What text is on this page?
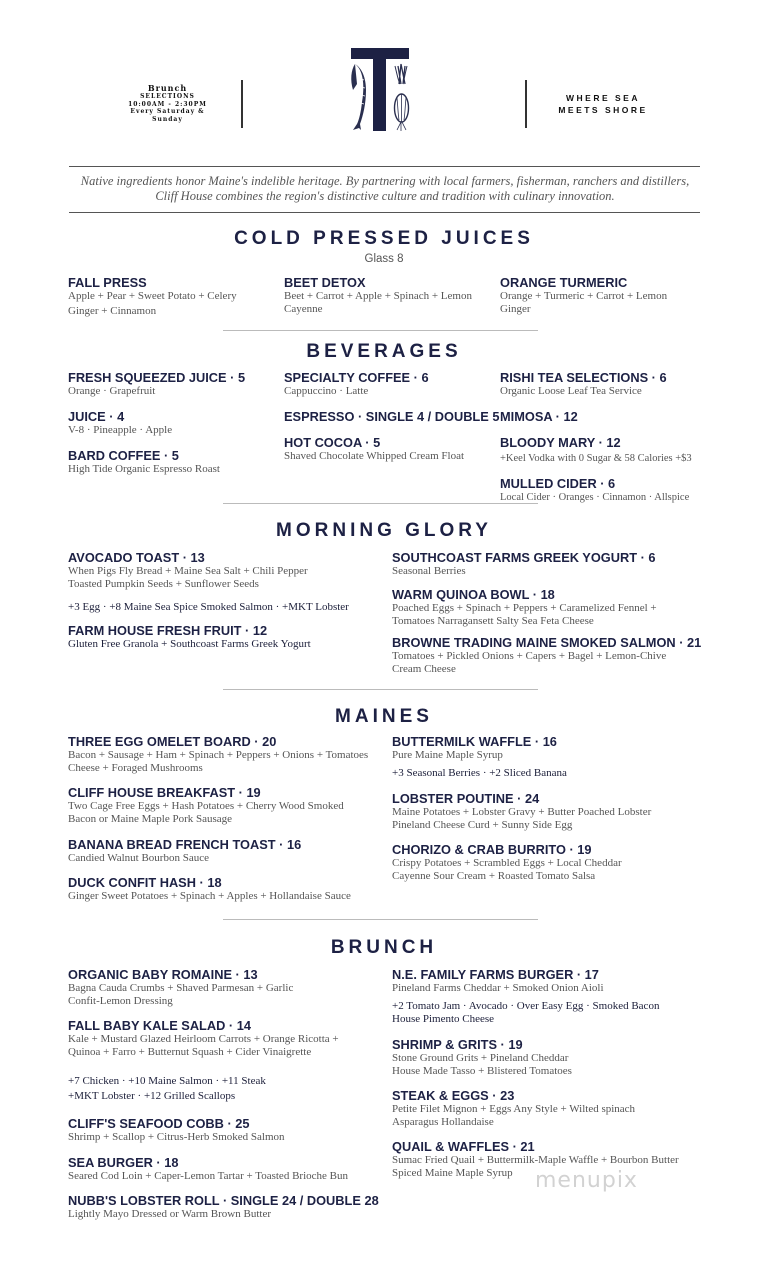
Brunch
SELECTIONS
10:00AM - 2:30PM
Every Saturday &
Sunday
WHERE SEA
MEETS SHORE
Native ingredients honor Maine's indelible heritage. By partnering with local farmers, fisherman, ranchers and distillers,
Cliff House combines the region's distinctive culture and tradition with culinary innovation.
COLD PRESSED JUICES
Glass 8
FALL PRESS
Apple + Pear + Sweet Potato + Celery
Ginger + Cinnamon
BEET DETOX
Beet + Carrot + Apple + Spinach + Lemon
Cayenne
ORANGE TURMERIC
Orange + Turmeric + Carrot + Lemon
Ginger
BEVERAGES
FRESH SQUEEZED JUICE · 5
Orange · Grapefruit
JUICE · 4
V-8 · Pineapple · Apple
BARD COFFEE · 5
High Tide Organic Espresso Roast
SPECIALTY COFFEE · 6
Cappuccino · Latte
ESPRESSO · SINGLE 4 / DOUBLE 5
HOT COCOA · 5
Shaved Chocolate Whipped Cream Float
RISHI TEA SELECTIONS · 6
Organic Loose Leaf Tea Service
MIMOSA · 12
BLOODY MARY · 12
+Keel Vodka with 0 Sugar & 58 Calories +$3
MULLED CIDER · 6
Local Cider · Oranges · Cinnamon · Allspice
MORNING GLORY
AVOCADO TOAST · 13
When Pigs Fly Bread + Maine Sea Salt + Chili Pepper
Toasted Pumpkin Seeds + Sunflower Seeds
+3 Egg · +8 Maine Sea Spice Smoked Salmon · +MKT Lobster
FARM HOUSE FRESH FRUIT · 12
Gluten Free Granola + Southcoast Farms Greek Yogurt
SOUTHCOAST FARMS GREEK YOGURT · 6
Seasonal Berries
WARM QUINOA BOWL · 18
Poached Eggs + Spinach + Peppers + Caramelized Fennel +
Tomatoes Narragansett Salty Sea Feta Cheese
BROWNE TRADING MAINE SMOKED SALMON · 21
Tomatoes + Pickled Onions + Capers + Bagel + Lemon-Chive
Cream Cheese
MAINES
THREE EGG OMELET BOARD · 20
Bacon + Sausage + Ham + Spinach + Peppers + Onions + Tomatoes
Cheese + Foraged Mushrooms
CLIFF HOUSE BREAKFAST · 19
Two Cage Free Eggs + Hash Potatoes + Cherry Wood Smoked
Bacon or Maine Maple Pork Sausage
BANANA BREAD FRENCH TOAST · 16
Candied Walnut Bourbon Sauce
DUCK CONFIT HASH · 18
Ginger Sweet Potatoes + Spinach + Apples + Hollandaise Sauce
BUTTERMILK WAFFLE · 16
Pure Maine Maple Syrup
+3 Seasonal Berries · +2 Sliced Banana
LOBSTER POUTINE · 24
Maine Potatoes + Lobster Gravy + Butter Poached Lobster
Pineland Cheese Curd + Sunny Side Egg
CHORIZO & CRAB BURRITO · 19
Crispy Potatoes + Scrambled Eggs + Local Cheddar
Cayenne Sour Cream + Roasted Tomato Salsa
BRUNCH
ORGANIC BABY ROMAINE · 13
Bagna Cauda Crumbs + Shaved Parmesan + Garlic
Confit-Lemon Dressing
FALL BABY KALE SALAD · 14
Kale + Mustard Glazed Heirloom Carrots + Orange Ricotta +
Quinoa + Farro + Butternut Squash + Cider Vinaigrette
+7 Chicken · +10 Maine Salmon · +11 Steak
+MKT Lobster · +12 Grilled Scallops
CLIFF'S SEAFOOD COBB · 25
Shrimp + Scallop + Citrus-Herb Smoked Salmon
SEA BURGER · 18
Seared Cod Loin + Caper-Lemon Tartar + Toasted Brioche Bun
NUBB'S LOBSTER ROLL · SINGLE 24 / DOUBLE 28
Lightly Mayo Dressed or Warm Brown Butter
N.E. FAMILY FARMS BURGER · 17
Pineland Farms Cheddar + Smoked Onion Aioli
+2 Tomato Jam · Avocado · Over Easy Egg · Smoked Bacon
House Pimento Cheese
SHRIMP & GRITS · 19
Stone Ground Grits + Pineland Cheddar
House Made Tasso + Blistered Tomatoes
STEAK & EGGS · 23
Petite Filet Mignon + Eggs Any Style + Wilted spinach
Asparagus Hollandaise
QUAIL & WAFFLES · 21
Sumac Fried Quail + Buttermilk-Maple Waffle + Bourbon Butter
Spiced Maine Maple Syrup	menupix
